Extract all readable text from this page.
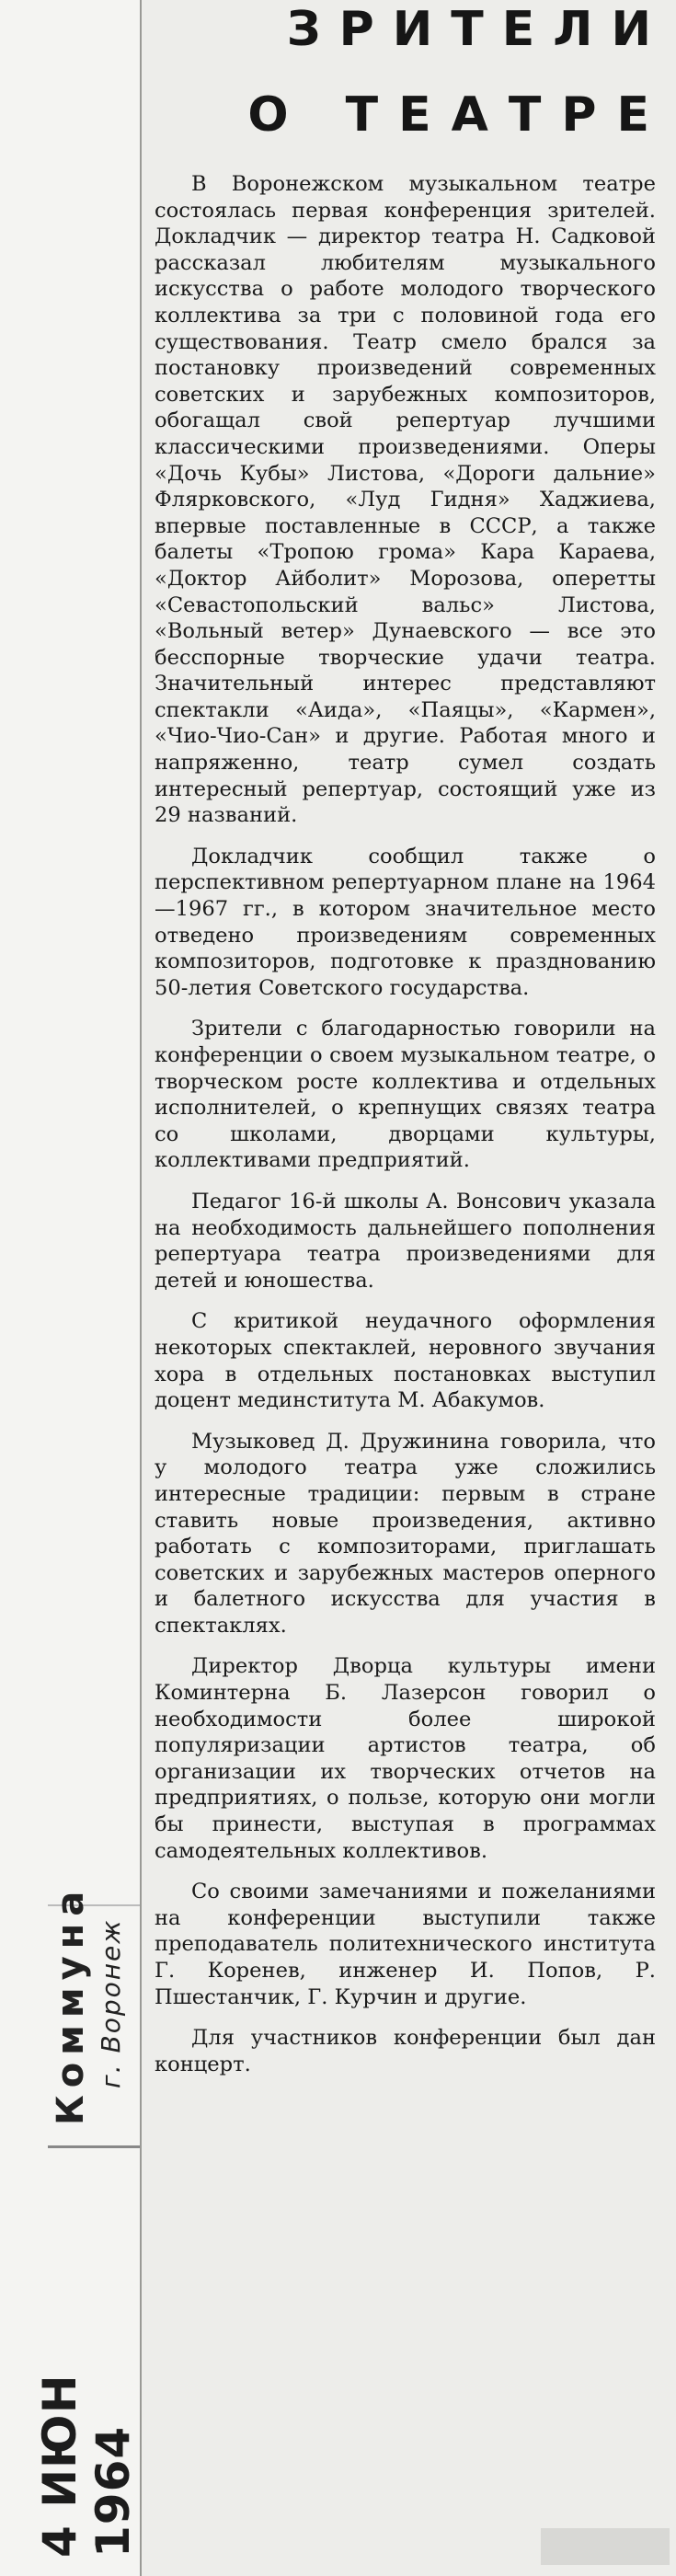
ЗРИТЕЛИ
О ТЕАТРЕ

В Воронежском музыкальном театре состоялась первая конференция зрителей. Докладчик — директор театра Н. Садковой рассказал любителям музыкального искусства о работе молодого творческого коллектива за три с половиной года его существования. Театр смело брался за постановку произведений современных советских и зарубежных композиторов, обогащал свой репертуар лучшими классическими произведениями. Оперы «Дочь Кубы» Листова, «Дороги дальние» Флярковского, «Луд Гидня» Хаджиева, впервые поставленные в СССР, а также балеты «Тропою грома» Кара Караева, «Доктор Айболит» Морозова, оперетты «Севастопольский вальс» Листова, «Вольный ветер» Дунаевского — все это бесспорные творческие удачи театра. Значительный интерес представляют спектакли «Аида», «Паяцы», «Кармен», «Чио-Чио-Сан» и другие. Работая много и напряженно, театр сумел создать интересный репертуар, состоящий уже из 29 названий.

Докладчик сообщил также о перспективном репертуарном плане на 1964—1967 гг., в котором значительное место отведено произведениям современных композиторов, подготовке к празднованию 50-летия Советского государства.

Зрители с благодарностью говорили на конференции о своем музыкальном театре, о творческом росте коллектива и отдельных исполнителей, о крепнущих связях театра со школами, дворцами культуры, коллективами предприятий.

Педагог 16-й школы А. Вонсович указала на необходимость дальнейшего пополнения репертуара театра произведениями для детей и юношества.

С критикой неудачного оформления некоторых спектаклей, неровного звучания хора в отдельных постановках выступил доцент мединститута М. Абакумов.

Музыковед Д. Дружинина говорила, что у молодого театра уже сложились интересные традиции: первым в стране ставить новые произведения, активно работать с композиторами, приглашать советских и зарубежных мастеров оперного и балетного искусства для участия в спектаклях.

Директор Дворца культуры имени Коминтерна Б. Лазерсон говорил о необходимости более широкой популяризации артистов театра, об организации их творческих отчетов на предприятиях, о пользе, которую они могли бы принести, выступая в программах самодеятельных коллективов.

Со своими замечаниями и пожеланиями на конференции выступили также преподаватель политехнического института Г. Коренев, инженер И. Попов, Р. Пшестанчик, Г. Курчин и другие.

Для участников конференции был дан концерт.

Коммуна г. Воронеж
4 ИЮН 1964
